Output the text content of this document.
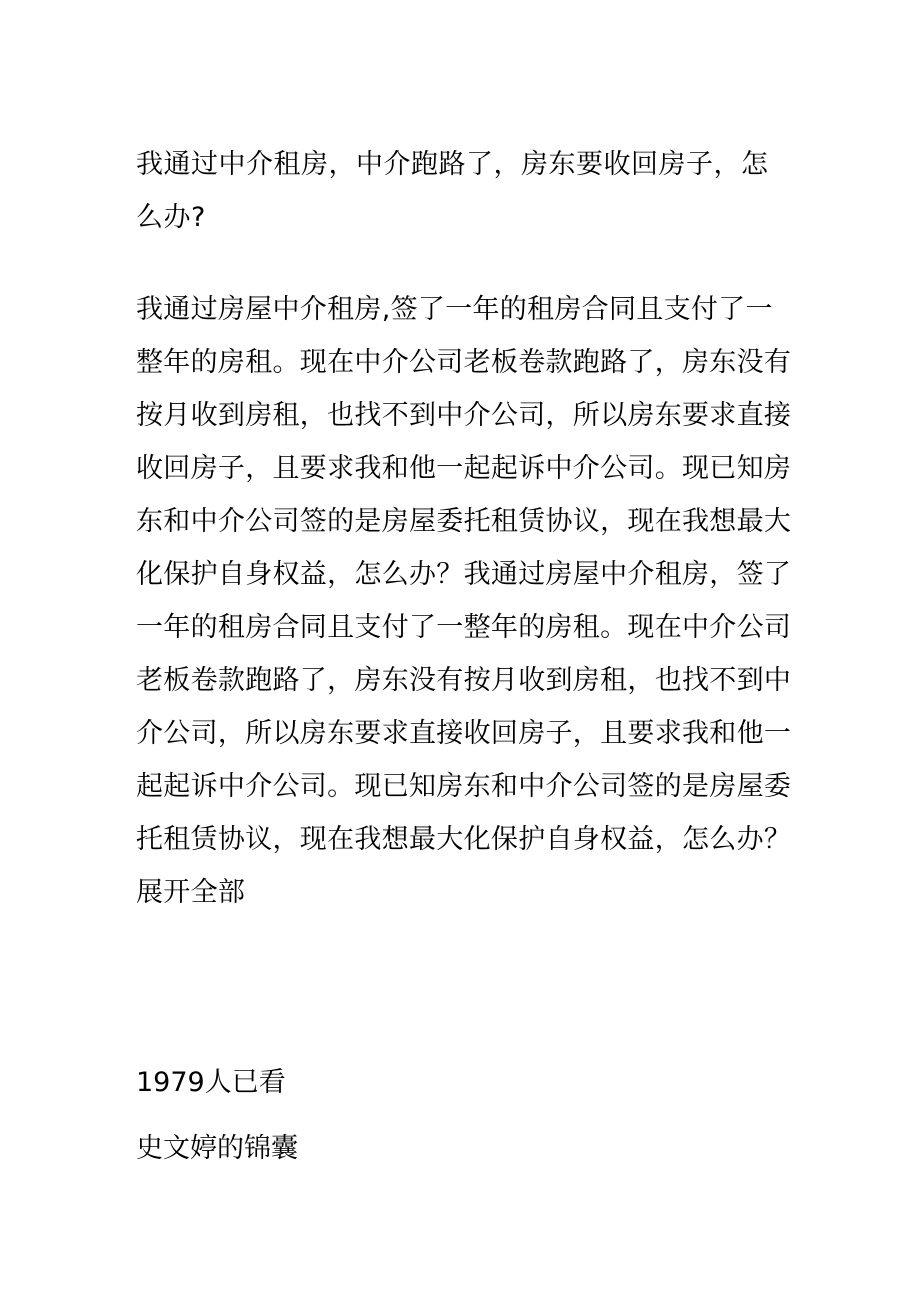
我通过中介租房，中介跑路了，房东要收回房子，怎么办?

我通过房屋中介租房,签了一年的租房合同且支付了一整年的房租。现在中介公司老板卷款跑路了，房东没有按月收到房租，也找不到中介公司，所以房东要求直接收回房子，且要求我和他一起起诉中介公司。现已知房东和中介公司签的是房屋委托租赁协议，现在我想最大化保护自身权益，怎么办？我通过房屋中介租房，签了一年的租房合同且支付了一整年的房租。现在中介公司老板卷款跑路了，房东没有按月收到房租，也找不到中介公司，所以房东要求直接收回房子，且要求我和他一起起诉中介公司。现已知房东和中介公司签的是房屋委托租赁协议，现在我想最大化保护自身权益，怎么办？展开全部

1979人已看
史文婷的锦囊
